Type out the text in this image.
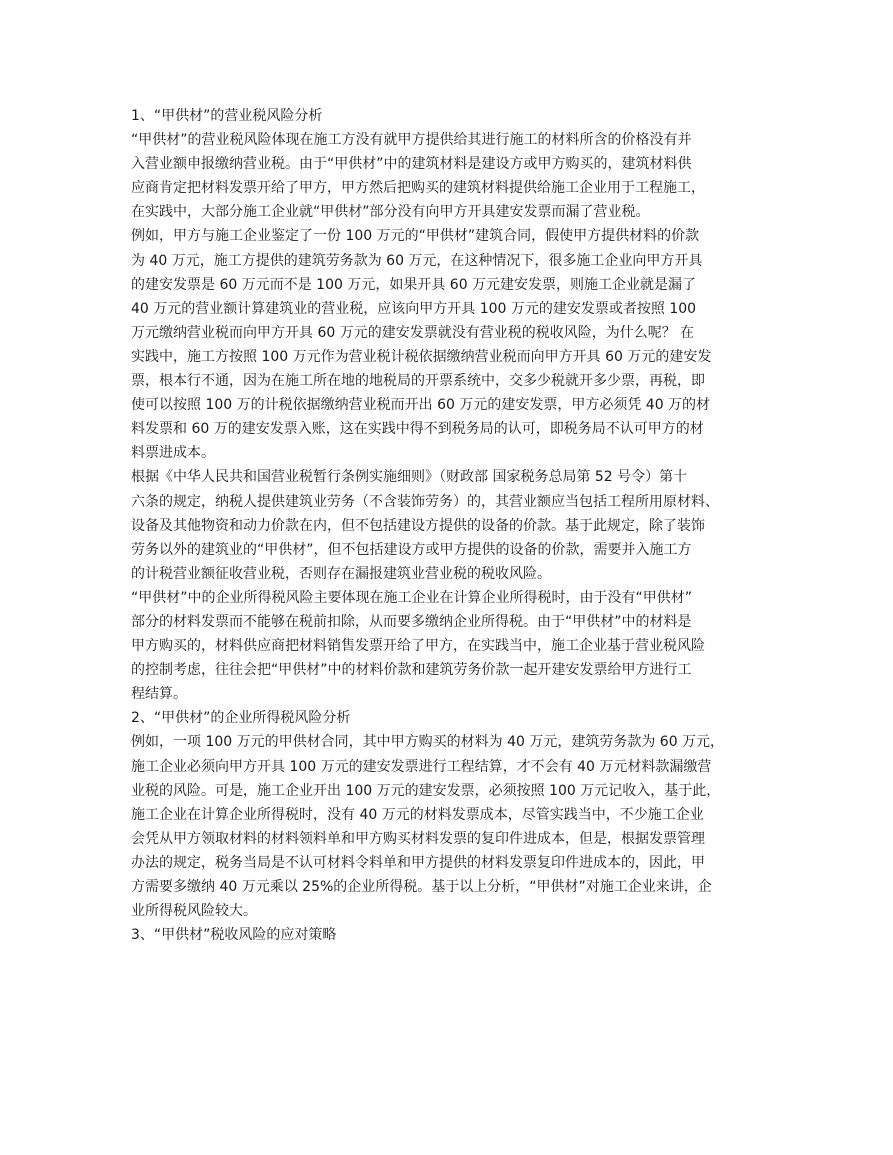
1、“甲供材”的营业税风险分析
“甲供材”的营业税风险体现在施工方没有就甲方提供给其进行施工的材料所含的价格没有并
入营业额申报缴纳营业税。由于“甲供材”中的建筑材料是建设方或甲方购买的，建筑材料供
应商肯定把材料发票开给了甲方，甲方然后把购买的建筑材料提供给施工企业用于工程施工，
在实践中，大部分施工企业就“甲供材”部分没有向甲方开具建安发票而漏了营业税。
例如，甲方与施工企业鉴定了一份 100 万元的“甲供材”建筑合同，假使甲方提供材料的价款
为 40 万元，施工方提供的建筑劳务款为 60 万元，在这种情况下，很多施工企业向甲方开具
的建安发票是 60 万元而不是 100 万元，如果开具 60 万元建安发票，则施工企业就是漏了
40 万元的营业额计算建筑业的营业税，应该向甲方开具 100 万元的建安发票或者按照 100
万元缴纳营业税而向甲方开具 60 万元的建安发票就没有营业税的税收风险，为什么呢？ 在
实践中，施工方按照 100 万元作为营业税计税依据缴纳营业税而向甲方开具 60 万元的建安发
票，根本行不通，因为在施工所在地的地税局的开票系统中，交多少税就开多少票，再税，即
使可以按照 100 万的计税依据缴纳营业税而开出 60 万元的建安发票，甲方必须凭 40 万的材
料发票和 60 万的建安发票入账，这在实践中得不到税务局的认可，即税务局不认可甲方的材
料票进成本。
根据《中华人民共和国营业税暂行条例实施细则》（财政部 国家税务总局第 52 号令）第十
六条的规定，纳税人提供建筑业劳务（不含装饰劳务）的，其营业额应当包括工程所用原材料、
设备及其他物资和动力价款在内，但不包括建设方提供的设备的价款。基于此规定，除了装饰
劳务以外的建筑业的“甲供材”，但不包括建设方或甲方提供的设备的价款，需要并入施工方
的计税营业额征收营业税，否则存在漏报建筑业营业税的税收风险。
“甲供材”中的企业所得税风险主要体现在施工企业在计算企业所得税时，由于没有“甲供材”
部分的材料发票而不能够在税前扣除，从而要多缴纳企业所得税。由于“甲供材”中的材料是
甲方购买的，材料供应商把材料销售发票开给了甲方，在实践当中，施工企业基于营业税风险
的控制考虑，往往会把“甲供材”中的材料价款和建筑劳务价款一起开建安发票给甲方进行工
程结算。
2、“甲供材”的企业所得税风险分析
例如，一项 100 万元的甲供材合同，其中甲方购买的材料为 40 万元，建筑劳务款为 60 万元，
施工企业必须向甲方开具 100 万元的建安发票进行工程结算，才不会有 40 万元材料款漏缴营
业税的风险。可是，施工企业开出 100 万元的建安发票，必须按照 100 万元记收入，基于此，
施工企业在计算企业所得税时，没有 40 万元的材料发票成本，尽管实践当中，不少施工企业
会凭从甲方领取材料的材料领料单和甲方购买材料发票的复印件进成本，但是，根据发票管理
办法的规定，税务当局是不认可材料令料单和甲方提供的材料发票复印件进成本的，因此，甲
方需要多缴纳 40 万元乘以 25%的企业所得税。基于以上分析，“甲供材”对施工企业来讲，企
业所得税风险较大。
3、“甲供材”税收风险的应对策略
